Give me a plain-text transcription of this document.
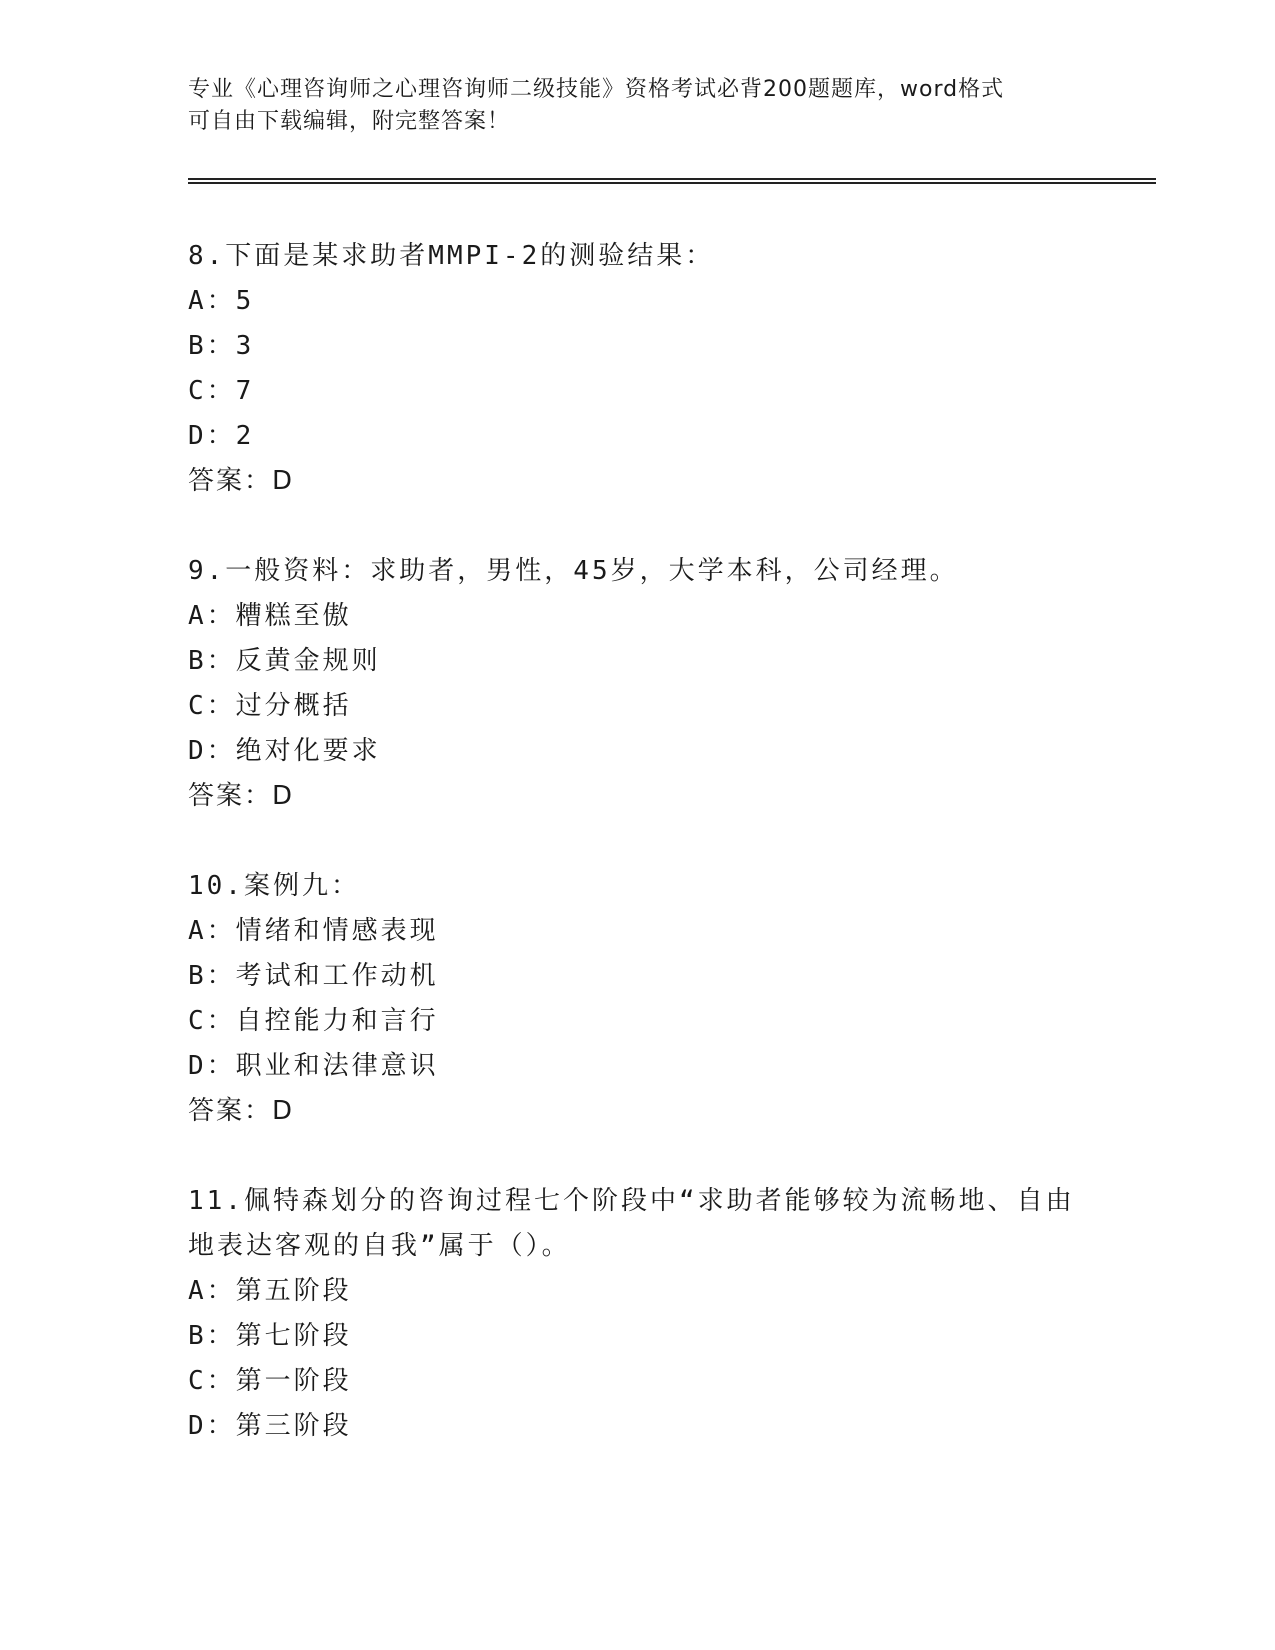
专业《心理咨询师之心理咨询师二级技能》资格考试必背200题题库，word格式
可自由下载编辑，附完整答案！
8.下面是某求助者MMPI-2的测验结果：
A：5
B：3
C：7
D：2
答案：D
9.一般资料：求助者，男性，45岁，大学本科，公司经理。
A：糟糕至傲
B：反黄金规则
C：过分概括
D：绝对化要求
答案：D
10.案例九：
A：情绪和情感表现
B：考试和工作动机
C：自控能力和言行
D：职业和法律意识
答案：D
11.佩特森划分的咨询过程七个阶段中“求助者能够较为流畅地、自由
地表达客观的自我”属于（）。
A：第五阶段
B：第七阶段
C：第一阶段
D：第三阶段
